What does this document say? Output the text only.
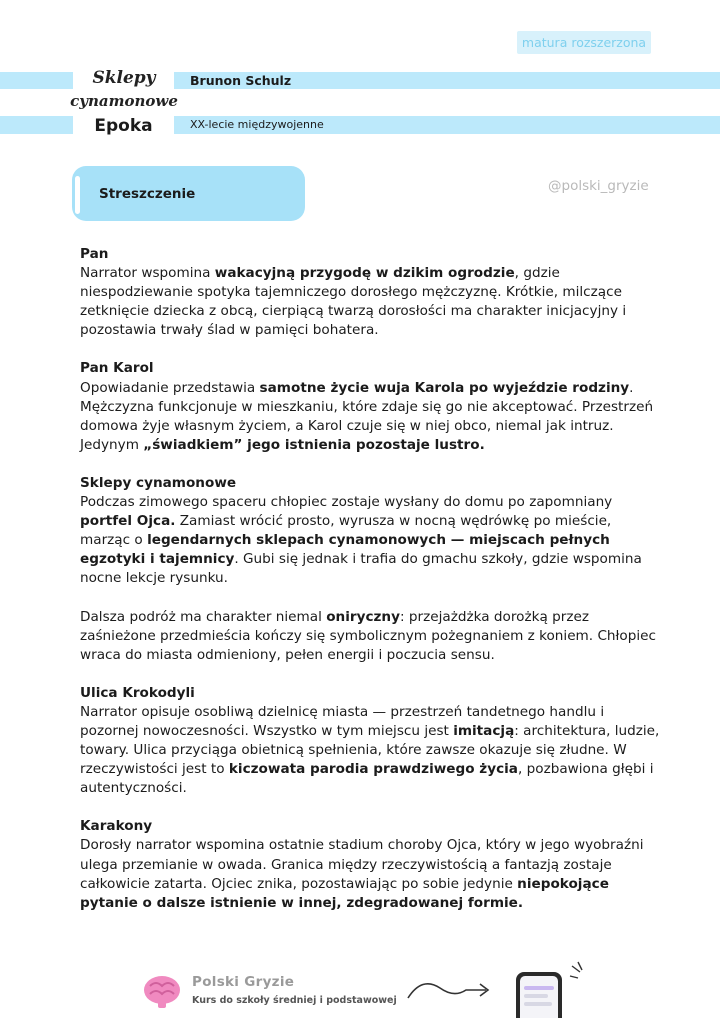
matura rozszerzona
Sklepy
cynamonowe
Epoka
Brunon Schulz
XX-lecie międzywojenne
Streszczenie	@polski_gryzie
Pan

Narrator wspomina wakacyjną przygodę w dzikim ogrodzie, gdzie niespodziewanie spotyka tajemniczego dorosłego mężczyznę. Krótkie, milczące zetknięcie dziecka z obcą, cierpiącą twarzą dorosłości ma charakter inicjacyjny i pozostawia trwały ślad w pamięci bohatera.

Pan Karol

Opowiadanie przedstawia samotne życie wuja Karola po wyjeździe rodziny. Mężczyzna funkcjonuje w mieszkaniu, które zdaje się go nie akceptować. Przestrzeń domowa żyje własnym życiem, a Karol czuje się w niej obco, niemal jak intruz. Jedynym „świadkiem” jego istnienia pozostaje lustro.

Sklepy cynamonowe

Podczas zimowego spaceru chłopiec zostaje wysłany do domu po zapomniany portfel Ojca. Zamiast wrócić prosto, wyrusza w nocną wędrówkę po mieście, marząc o legendarnych sklepach cynamonowych — miejscach pełnych egzotyki i tajemnicy. Gubi się jednak i trafia do gmachu szkoły, gdzie wspomina nocne lekcje rysunku.

Dalsza podróż ma charakter niemal oniryczny: przejażdżka dorożką przez zaśnieżone przedmieścia kończy się symbolicznym pożegnaniem z koniem. Chłopiec wraca do miasta odmieniony, pełen energii i poczucia sensu.

Ulica Krokodyli

Narrator opisuje osobliwą dzielnicę miasta — przestrzeń tandetnego handlu i pozornej nowoczesności. Wszystko w tym miejscu jest imitacją: architektura, ludzie, towary. Ulica przyciąga obietnicą spełnienia, które zawsze okazuje się złudne. W rzeczywistości jest to kiczowata parodia prawdziwego życia, pozbawiona głębi i autentyczności.

Karakony

Dorosły narrator wspomina ostatnie stadium choroby Ojca, który w jego wyobraźni ulega przemianie w owada. Granica między rzeczywistością a fantazją zostaje całkowicie zatarta. Ojciec znika, pozostawiając po sobie jedynie niepokojące pytanie o dalsze istnienie w innej, zdegradowanej formie.

Polski Gryzie
Kurs do szkoły średniej i podstawowej
